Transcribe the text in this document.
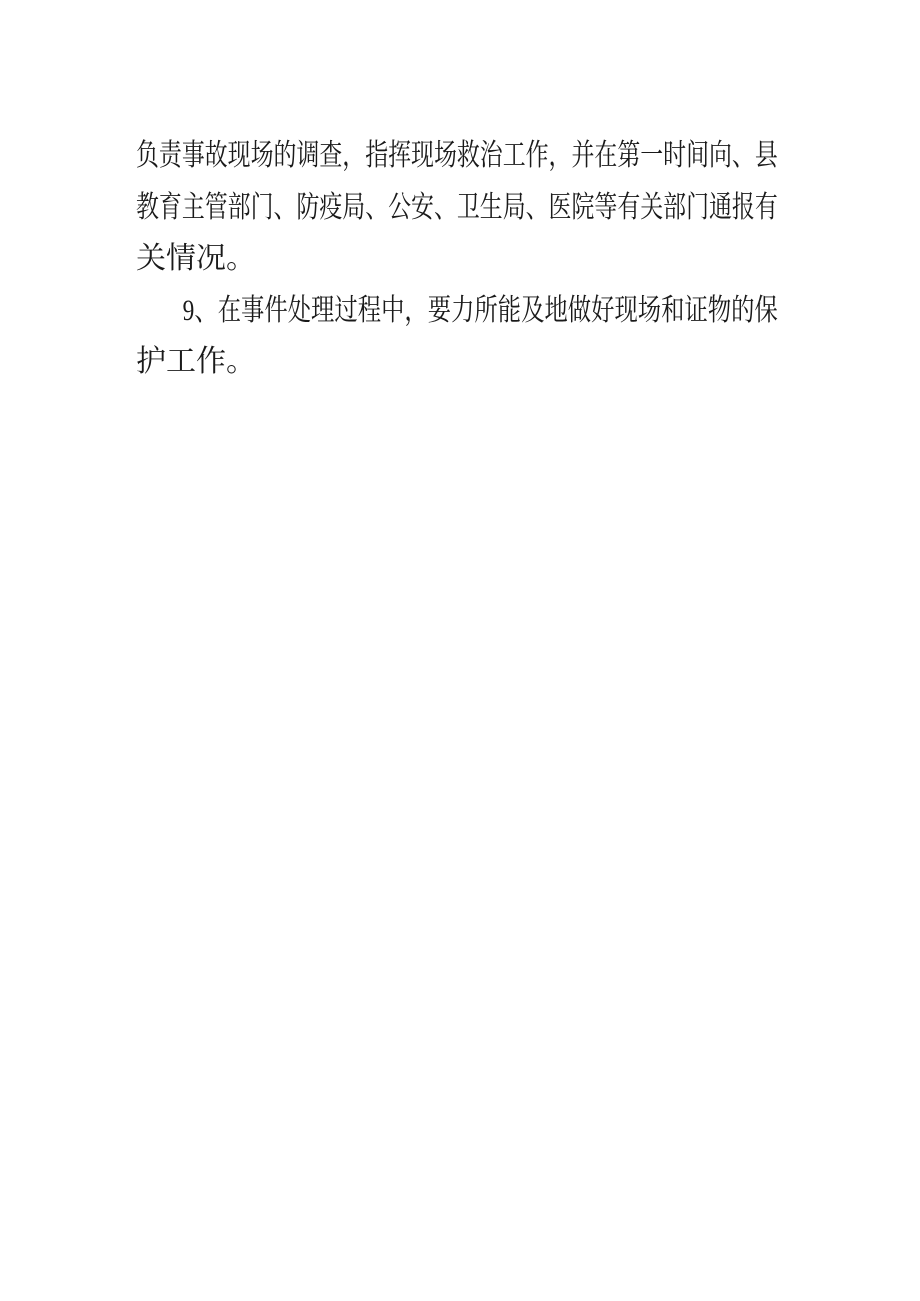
负责事故现场的调查，指挥现场救治工作，并在第一时间向、县
教育主管部门、防疫局、公安、卫生局、医院等有关部门通报有
关情况。
9、在事件处理过程中，要力所能及地做好现场和证物的保
护工作。
